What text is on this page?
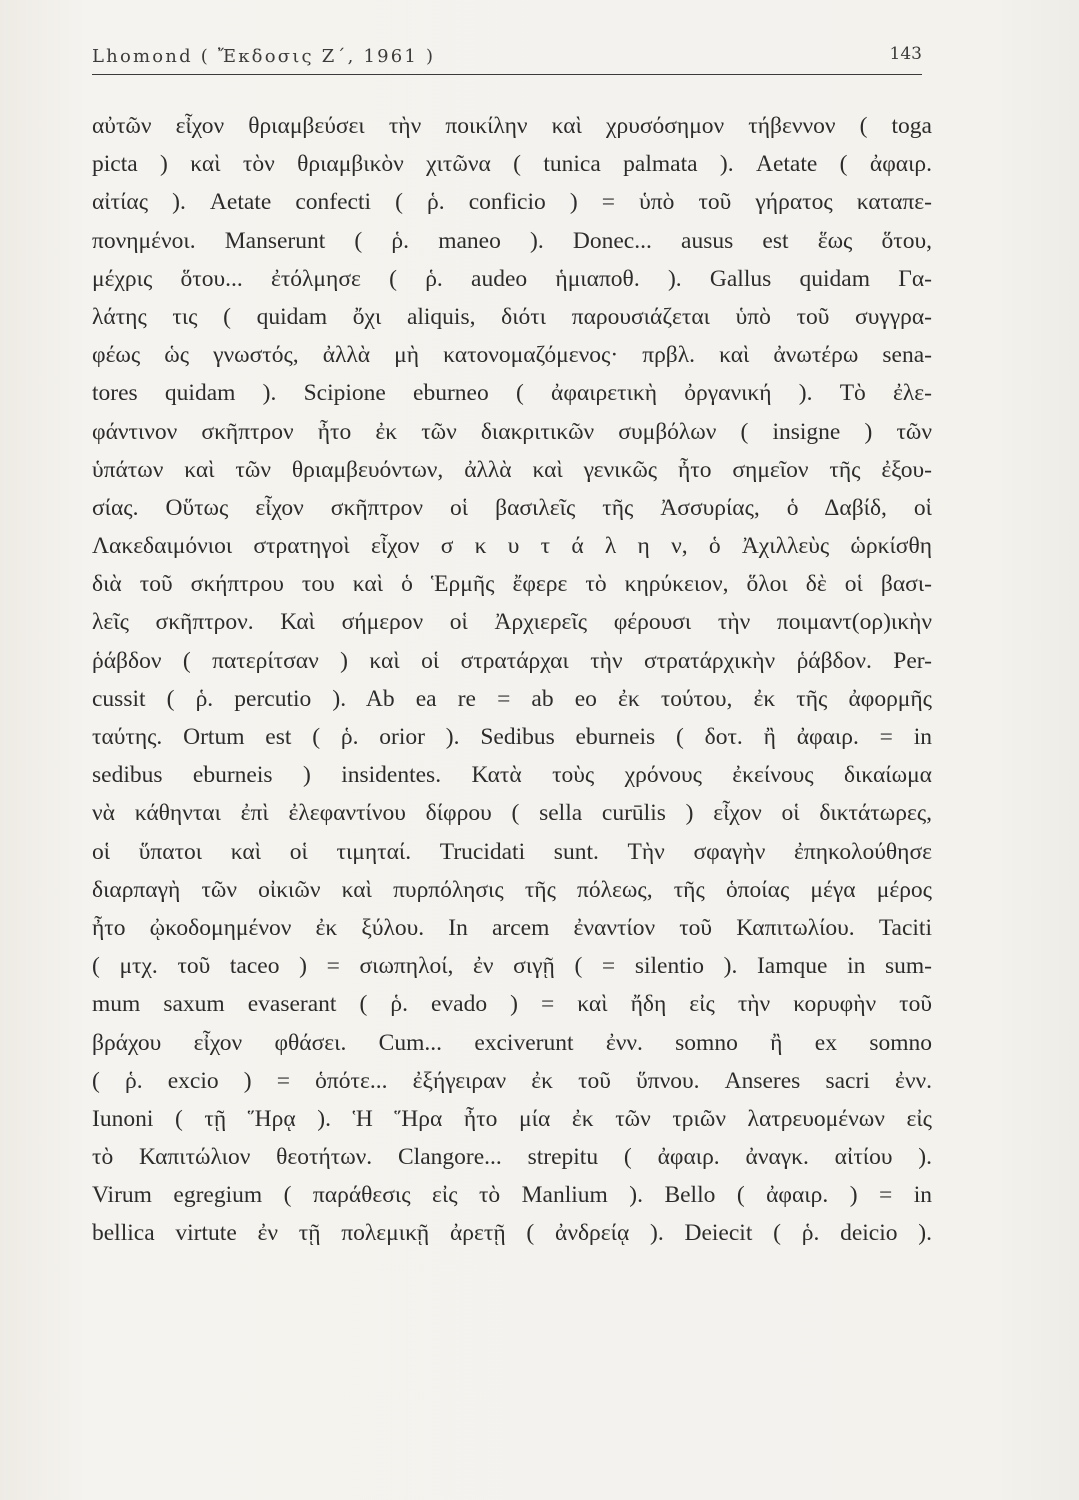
Lhomond ( Ἔκδοσις Ζ΄, 1961 )	143
αὐτῶν εἶχον θριαμβεύσει τὴν ποικίλην καὶ χρυσόσημον τήβεννον ( toga
picta ) καὶ τὸν θριαμβικὸν χιτῶνα ( tunica palmata ). Aetate ( ἀφαιρ.
αἰτίας ). Aetate confecti ( ῥ. conficio ) = ὑπὸ τοῦ γήρατος καταπε-
πονημένοι. Manserunt ( ῥ. maneo ). Donec... ausus est ἕως ὅτου,
μέχρις ὅτου... ἐτόλμησε ( ῥ. audeo ἡμιαποθ. ). Gallus quidam Γα-
λάτης τις ( quidam ὄχι aliquis, διότι παρουσιάζεται ὑπὸ τοῦ συγγρα-
φέως ὡς γνωστός, ἀλλὰ μὴ κατονομαζόμενος· πρβλ. καὶ ἀνωτέρω sena-
tores quidam ). Scipione eburneo ( ἀφαιρετικὴ ὀργανική ). Τὸ ἐλε-
φάντινον σκῆπτρον ἦτο ἐκ τῶν διακριτικῶν συμβόλων ( insigne ) τῶν
ὑπάτων καὶ τῶν θριαμβευόντων, ἀλλὰ καὶ γενικῶς ἦτο σημεῖον τῆς ἐξου-
σίας. Οὕτως εἶχον σκῆπτρον οἱ βασιλεῖς τῆς Ἀσσυρίας, ὁ Δαβίδ, οἱ
Λακεδαιμόνιοι στρατηγοὶ εἶχον σ κ υ τ ά λ η ν, ὁ Ἀχιλλεὺς ὡρκίσθη
διὰ τοῦ σκήπτρου του καὶ ὁ Ἑρμῆς ἔφερε τὸ κηρύκειον, ὅλοι δὲ οἱ βασι-
λεῖς σκῆπτρον. Καὶ σήμερον οἱ Ἀρχιερεῖς φέρουσι τὴν ποιμαντ(ορ)ικὴν
ῥάβδον ( πατερίτσαν ) καὶ οἱ στρατάρχαι τὴν στρατάρχικὴν ῥάβδον. Per-
cussit ( ῥ. percutio ). Ab ea re = ab eo ἐκ τούτου, ἐκ τῆς ἀφορμῆς
ταύτης. Ortum est ( ῥ. orior ). Sedibus eburneis ( δοτ. ἢ ἀφαιρ. = in
sedibus eburneis ) insidentes. Κατὰ τοὺς χρόνους ἐκείνους δικαίωμα
νὰ κάθηνται ἐπὶ ἐλεφαντίνου δίφρου ( sella curūlis ) εἶχον οἱ δικτάτωρες,
οἱ ὕπατοι καὶ οἱ τιμηταί. Trucidati sunt. Τὴν σφαγὴν ἐπηκολούθησε
διαρπαγὴ τῶν οἰκιῶν καὶ πυρπόλησις τῆς πόλεως, τῆς ὁποίας μέγα μέρος
ἦτο ᾠκοδομημένον ἐκ ξύλου. In arcem ἐναντίον τοῦ Καπιτωλίου. Taciti
( μτχ. τοῦ taceo ) = σιωπηλοί, ἐν σιγῇ ( = silentio ). Iamque in sum-
mum saxum evaserant ( ῥ. evado ) = καὶ ἤδη εἰς τὴν κορυφὴν τοῦ
βράχου εἶχον φθάσει. Cum... exciverunt ἐνν. somno ἢ ex somno
( ῥ. excio ) = ὁπότε... ἐξήγειραν ἐκ τοῦ ὕπνου. Anseres sacri ἐνν.
Iunoni ( τῇ Ἥρᾳ ). Ἡ Ἥρα ἦτο μία ἐκ τῶν τριῶν λατρευομένων εἰς
τὸ Καπιτώλιον θεοτήτων. Clangore... strepitu ( ἀφαιρ. ἀναγκ. αἰτίου ).
Virum egregium ( παράθεσις εἰς τὸ Manlium ). Bello ( ἀφαιρ. ) = in
bellica virtute ἐν τῇ πολεμικῇ ἀρετῇ ( ἀνδρείᾳ ). Deiecit ( ῥ. deicio ).
